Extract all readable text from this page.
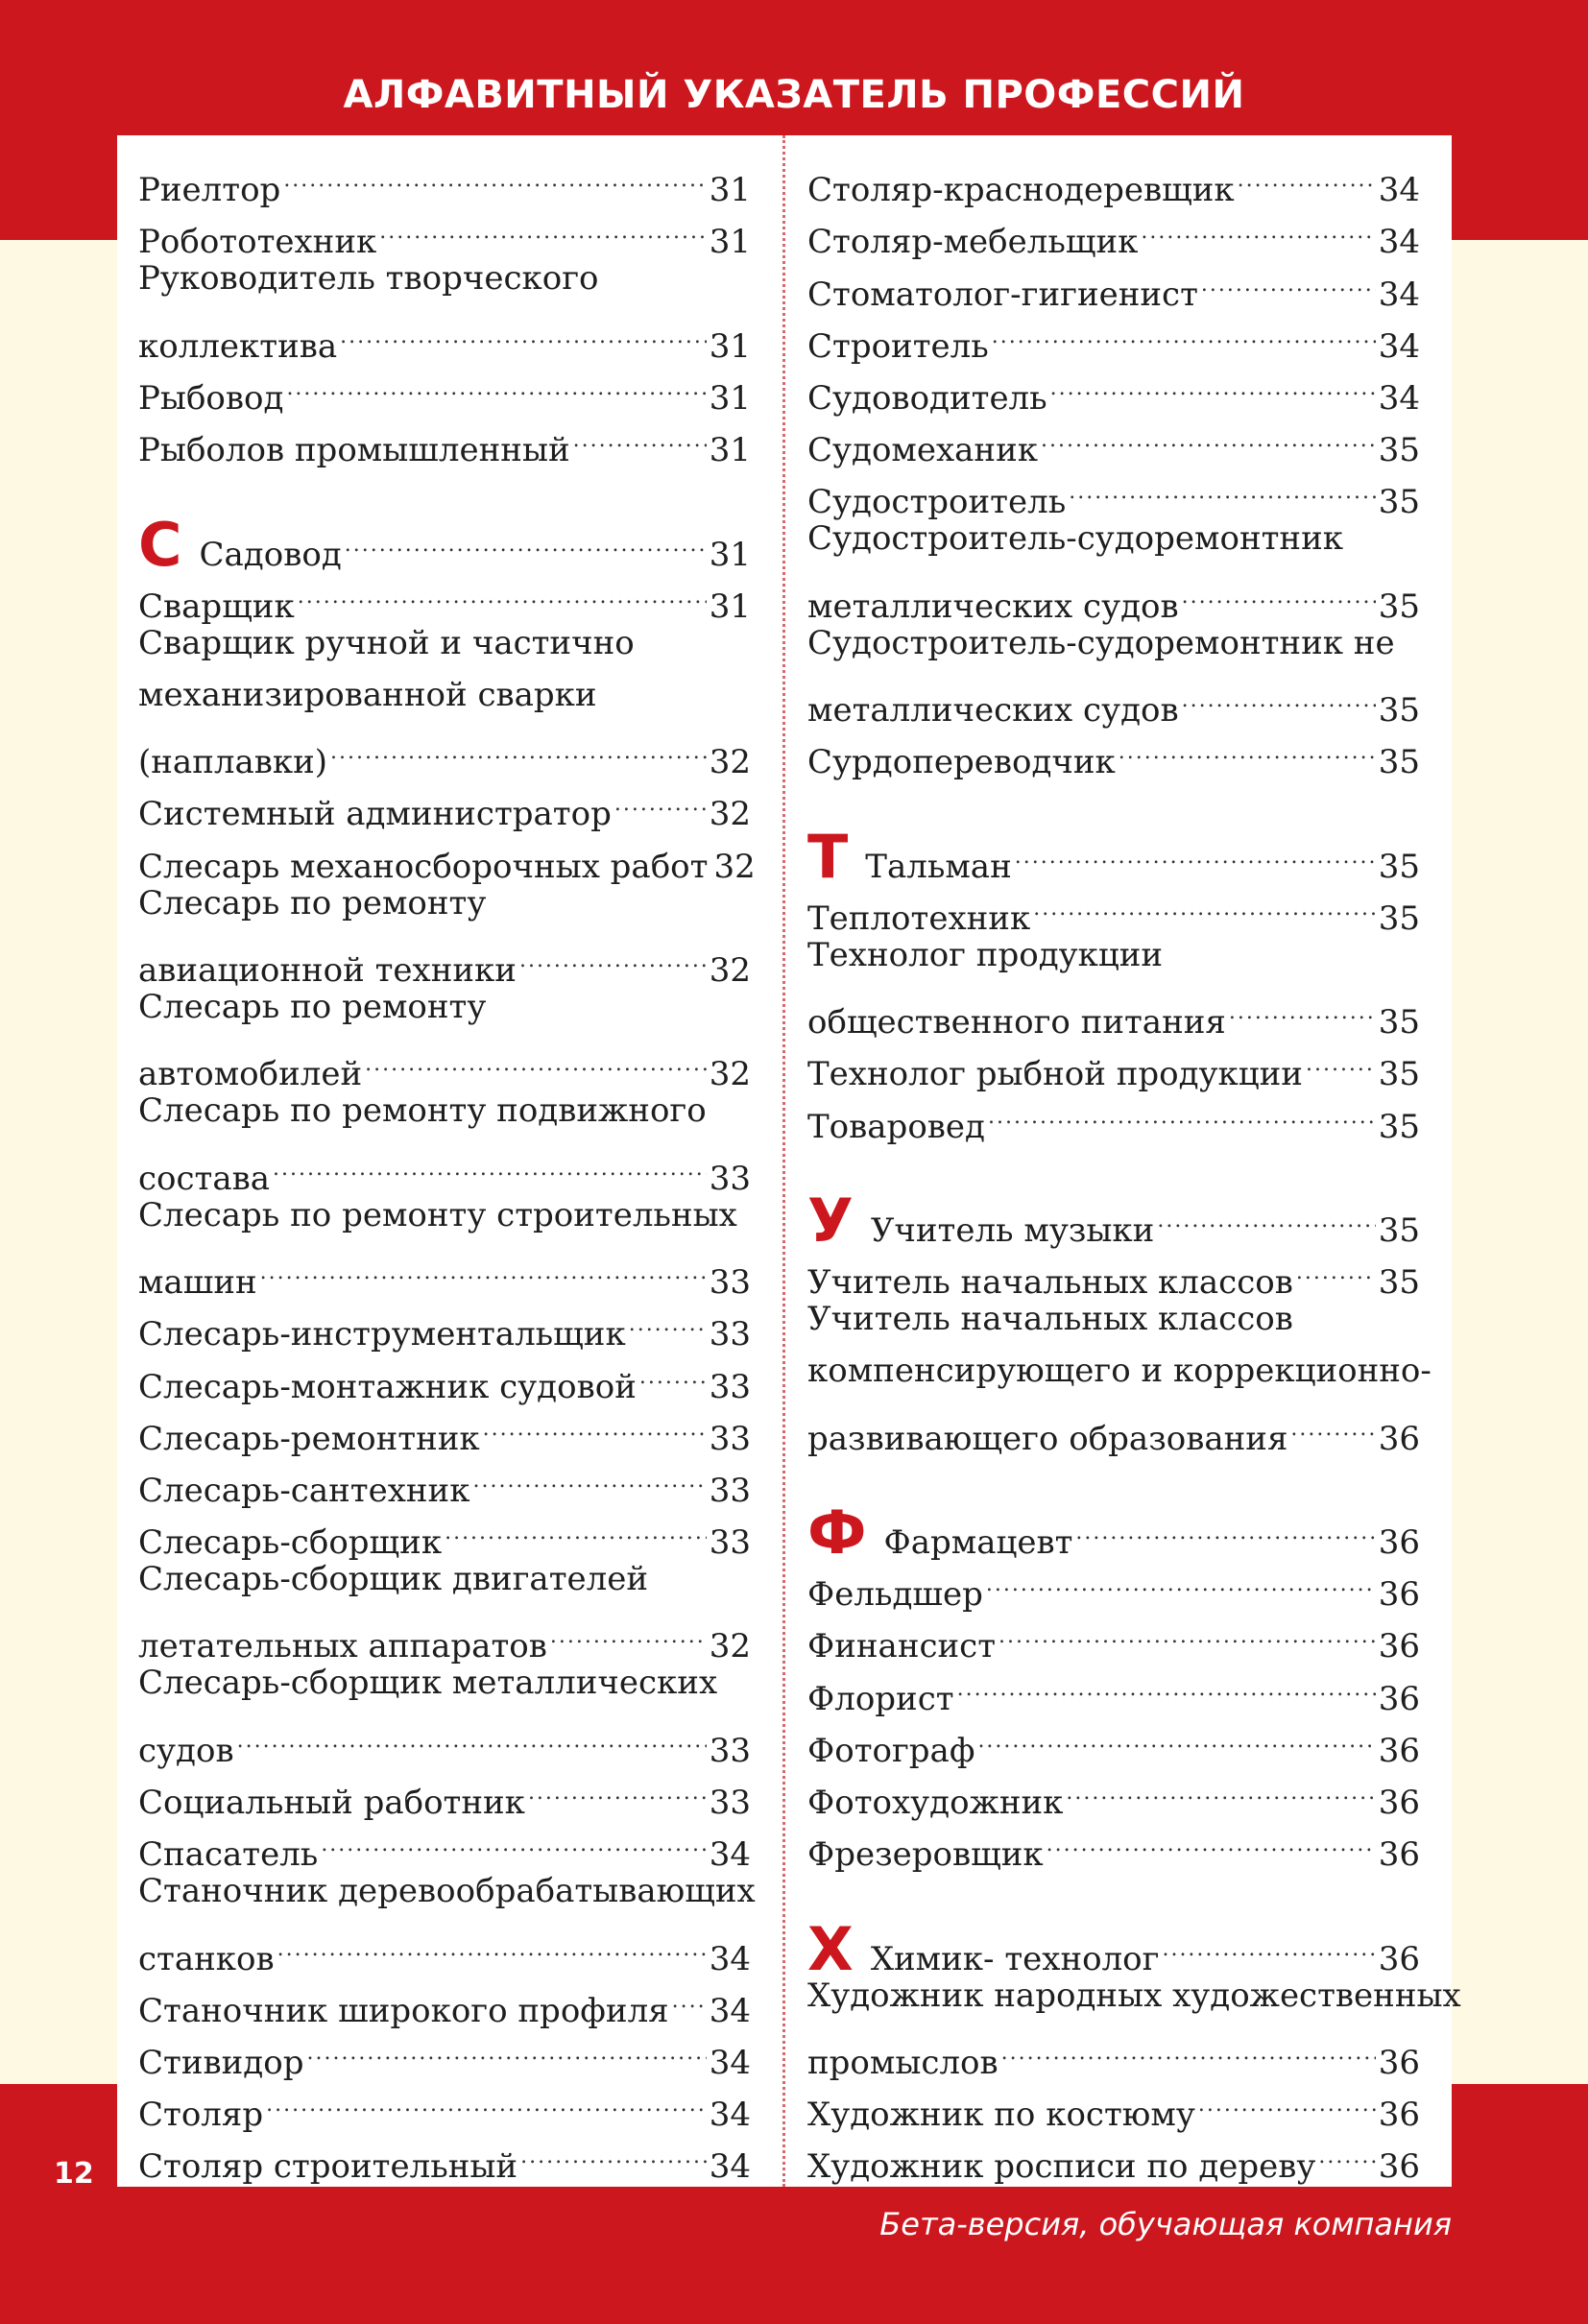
АЛФАВИТНЫЙ УКАЗАТЕЛЬ ПРОФЕССИЙ
Риелтор .....	31
Робототехник .....	31
Руководитель творческого
коллектива .....	31
Рыбовод .....	31
Рыболов промышленный .....	31
С Садовод .....	31
Сварщик .....	31
Сварщик ручной и частично
механизированной сварки
(наплавки) .....	32
Системный администратор .....	32
Слесарь механосборочных работ 32
Слесарь по ремонту
авиационной техники .....	32
Слесарь по ремонту
автомобилей .....	32
Слесарь по ремонту подвижного
состава .....	33
Слесарь по ремонту строительных
машин .....	33
Слесарь-инструментальщик .....	33
Слесарь-монтажник судовой ..... 33
Слесарь-ремонтник .....	33
Слесарь-сантехник .....	33
Слесарь-сборщик .....	33
Слесарь-сборщик двигателей
летательных аппаратов .....	32
Слесарь-сборщик металлических
судов .....	33
Социальный работник .....	33
Спасатель .....	34
Станочник деревообрабатывающих
станков .....	34
Станочник широкого профиля ..... 34
Стивидор .....	34
Столяр .....	34
Столяр строительный .....	34
Столяр-краснодеревщик .....	34
Столяр-мебельщик .....	34
Стоматолог-гигиенист .....	34
Строитель .....	34
Судоводитель .....	34
Судомеханик .....	35
Судостроитель .....	35
Судостроитель-судоремонтник
металлических судов .....	35
Судостроитель-судоремонтник не
металлических судов .....	35
Сурдопереводчик .....	35
Т Тальман .....	35
Теплотехник .....	35
Технолог продукции
общественного питания .....	35
Технолог рыбной продукции ..... 35
Товаровед .....	35
У Учитель музыки .....	35
Учитель начальных классов .....	35
Учитель начальных классов
компенсирующего и коррекционно-
развивающего образования .....	36
Ф Фармацевт .....	36
Фельдшер .....	36
Финансист .....	36
Флорист .....	36
Фотограф .....	36
Фотохудожник .....	36
Фрезеровщик .....	36
Х Химик- технолог .....	36
Художник народных художественных
промыслов .....	36
Художник по костюму .....	36
Художник росписи по дереву ..... 36
12
Бета-версия, обучающая компания
